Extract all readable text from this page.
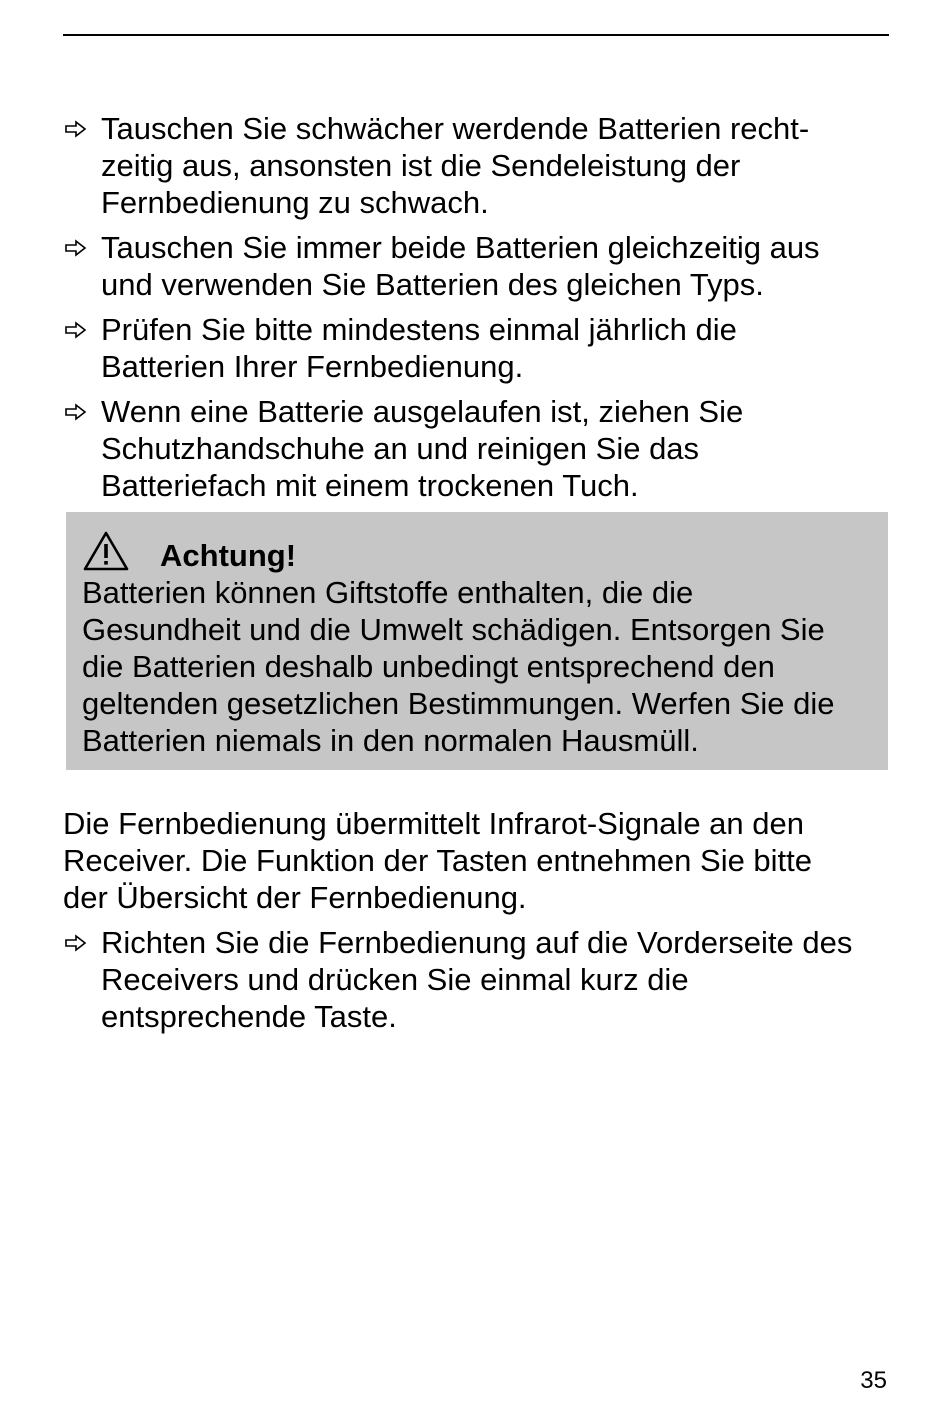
Tauschen Sie schwächer werdende Batterien recht-
zeitig aus, ansonsten ist die Sendeleistung der
Fernbedienung zu schwach.
Tauschen Sie immer beide Batterien gleichzeitig aus
und verwenden Sie Batterien des gleichen Typs.
Prüfen Sie bitte mindestens einmal jährlich die
Batterien Ihrer Fernbedienung.
Wenn eine Batterie ausgelaufen ist, ziehen Sie
Schutzhandschuhe an und reinigen Sie das
Batteriefach mit einem trockenen Tuch.
Achtung!
Batterien können Giftstoffe enthalten, die die
Gesundheit und die Umwelt schädigen. Entsorgen Sie
die Batterien deshalb unbedingt entsprechend den
geltenden gesetzlichen Bestimmungen. Werfen Sie die
Batterien niemals in den normalen Hausmüll.
Die Fernbedienung übermittelt Infrarot-Signale an den
Receiver. Die Funktion der Tasten entnehmen Sie bitte
der Übersicht der Fernbedienung.
Richten Sie die Fernbedienung auf die Vorderseite des
Receivers und drücken Sie einmal kurz die
entsprechende Taste.
35
